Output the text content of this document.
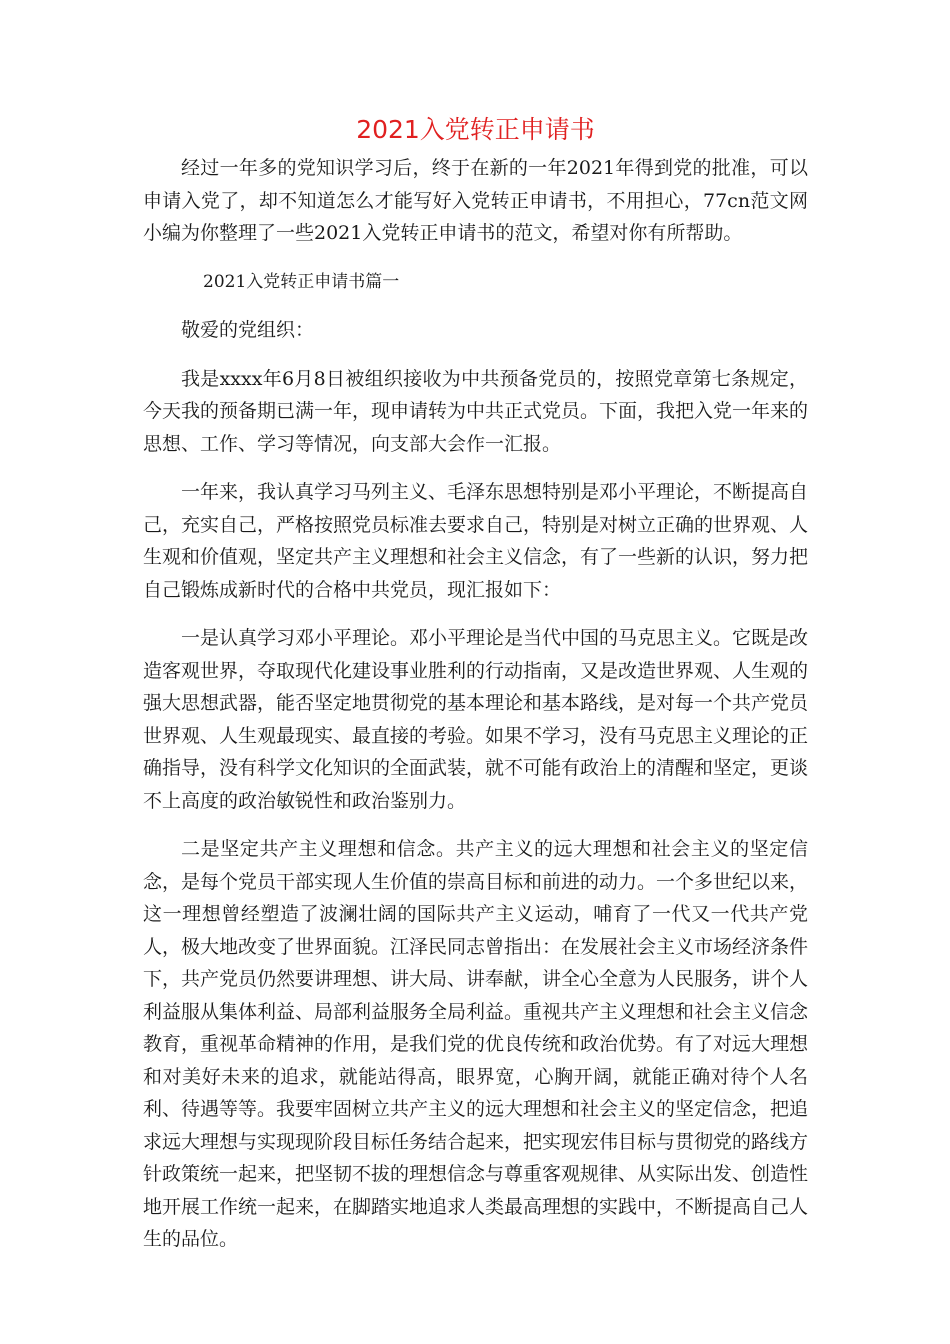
2021入党转正申请书

经过一年多的党知识学习后，终于在新的一年2021年得到党的批准，可以申请入党了，却不知道怎么才能写好入党转正申请书，不用担心，77cn范文网小编为你整理了一些2021入党转正申请书的范文，希望对你有所帮助。

2021入党转正申请书篇一

敬爱的党组织：

我是xxxx年6月8日被组织接收为中共预备党员的，按照党章第七条规定，今天我的预备期已满一年，现申请转为中共正式党员。下面，我把入党一年来的思想、工作、学习等情况，向支部大会作一汇报。

一年来，我认真学习马列主义、毛泽东思想特别是邓小平理论，不断提高自己，充实自己，严格按照党员标准去要求自己，特别是对树立正确的世界观、人生观和价值观，坚定共产主义理想和社会主义信念，有了一些新的认识，努力把自己锻炼成新时代的合格中共党员，现汇报如下：

一是认真学习邓小平理论。邓小平理论是当代中国的马克思主义。它既是改造客观世界，夺取现代化建设事业胜利的行动指南，又是改造世界观、人生观的强大思想武器，能否坚定地贯彻党的基本理论和基本路线，是对每一个共产党员世界观、人生观最现实、最直接的考验。如果不学习，没有马克思主义理论的正确指导，没有科学文化知识的全面武装，就不可能有政治上的清醒和坚定，更谈不上高度的政治敏锐性和政治鉴别力。

二是坚定共产主义理想和信念。共产主义的远大理想和社会主义的坚定信念，是每个党员干部实现人生价值的崇高目标和前进的动力。一个多世纪以来，这一理想曾经塑造了波澜壮阔的国际共产主义运动，哺育了一代又一代共产党人，极大地改变了世界面貌。江泽民同志曾指出：在发展社会主义市场经济条件下，共产党员仍然要讲理想、讲大局、讲奉献，讲全心全意为人民服务，讲个人利益服从集体利益、局部利益服务全局利益。重视共产主义理想和社会主义信念教育，重视革命精神的作用，是我们党的优良传统和政治优势。有了对远大理想和对美好未来的追求，就能站得高，眼界宽，心胸开阔，就能正确对待个人名利、待遇等等。我要牢固树立共产主义的远大理想和社会主义的坚定信念，把追求远大理想与实现现阶段目标任务结合起来，把实现宏伟目标与贯彻党的路线方针政策统一起来，把坚韧不拔的理想信念与尊重客观规律、从实际出发、创造性地开展工作统一起来，在脚踏实地追求人类最高理想的实践中，不断提高自己人生的品位。
